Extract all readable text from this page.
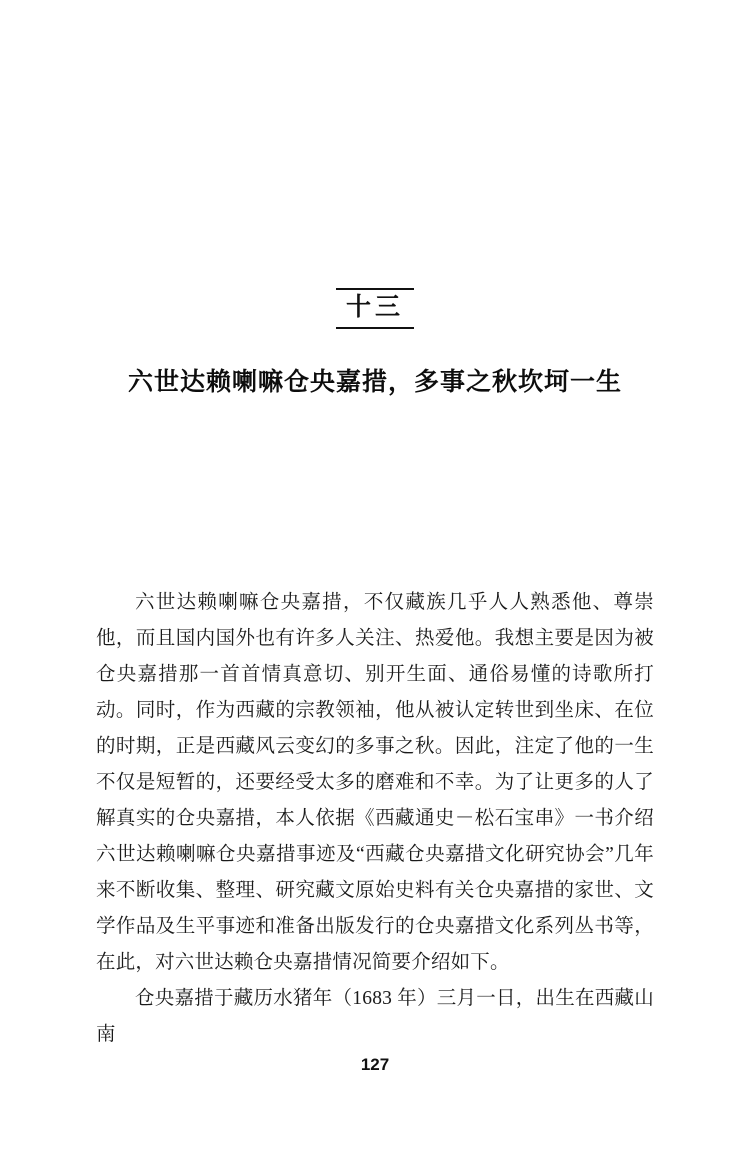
十三
六世达赖喇嘛仓央嘉措，多事之秋坎坷一生

六世达赖喇嘛仓央嘉措，不仅藏族几乎人人熟悉他、尊崇他，而且国内国外也有许多人关注、热爱他。我想主要是因为被仓央嘉措那一首首情真意切、别开生面、通俗易懂的诗歌所打动。同时，作为西藏的宗教领袖，他从被认定转世到坐床、在位的时期，正是西藏风云变幻的多事之秋。因此，注定了他的一生不仅是短暂的，还要经受太多的磨难和不幸。为了让更多的人了解真实的仓央嘉措，本人依据《西藏通史－松石宝串》一书介绍六世达赖喇嘛仓央嘉措事迹及“西藏仓央嘉措文化研究协会”几年来不断收集、整理、研究藏文原始史料有关仓央嘉措的家世、文学作品及生平事迹和准备出版发行的仓央嘉措文化系列丛书等，在此，对六世达赖仓央嘉措情况简要介绍如下。

仓央嘉措于藏历水猪年（1683 年）三月一日，出生在西藏山南

127
